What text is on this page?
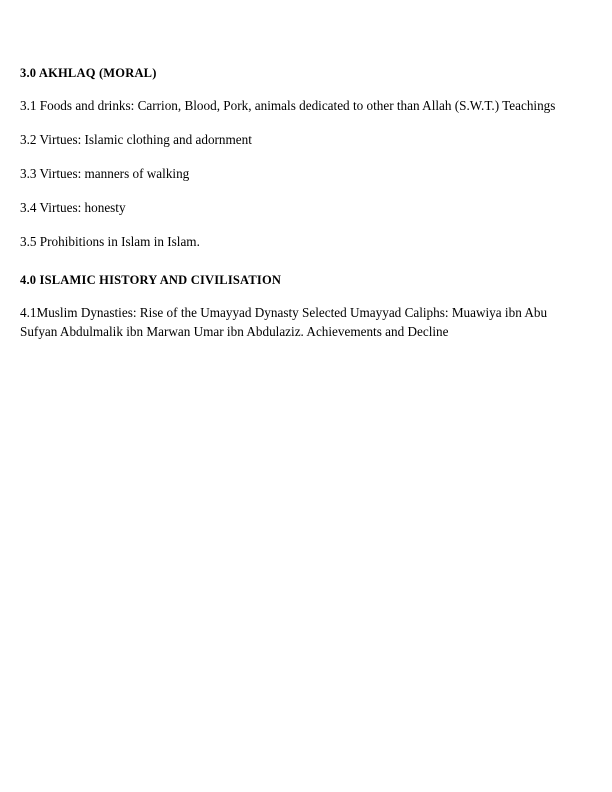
3.0 AKHLAQ (MORAL)

3.1 Foods and drinks: Carrion, Blood, Pork, animals dedicated to other than Allah (S.W.T.) Teachings

3.2 Virtues: Islamic clothing and adornment

3.3 Virtues: manners of walking

3.4 Virtues: honesty

3.5 Prohibitions in Islam in Islam.

4.0 ISLAMIC HISTORY AND CIVILISATION

4.1Muslim Dynasties: Rise of the Umayyad Dynasty Selected Umayyad Caliphs: Muawiya ibn Abu Sufyan Abdulmalik ibn Marwan Umar ibn Abdulaziz. Achievements and Decline
